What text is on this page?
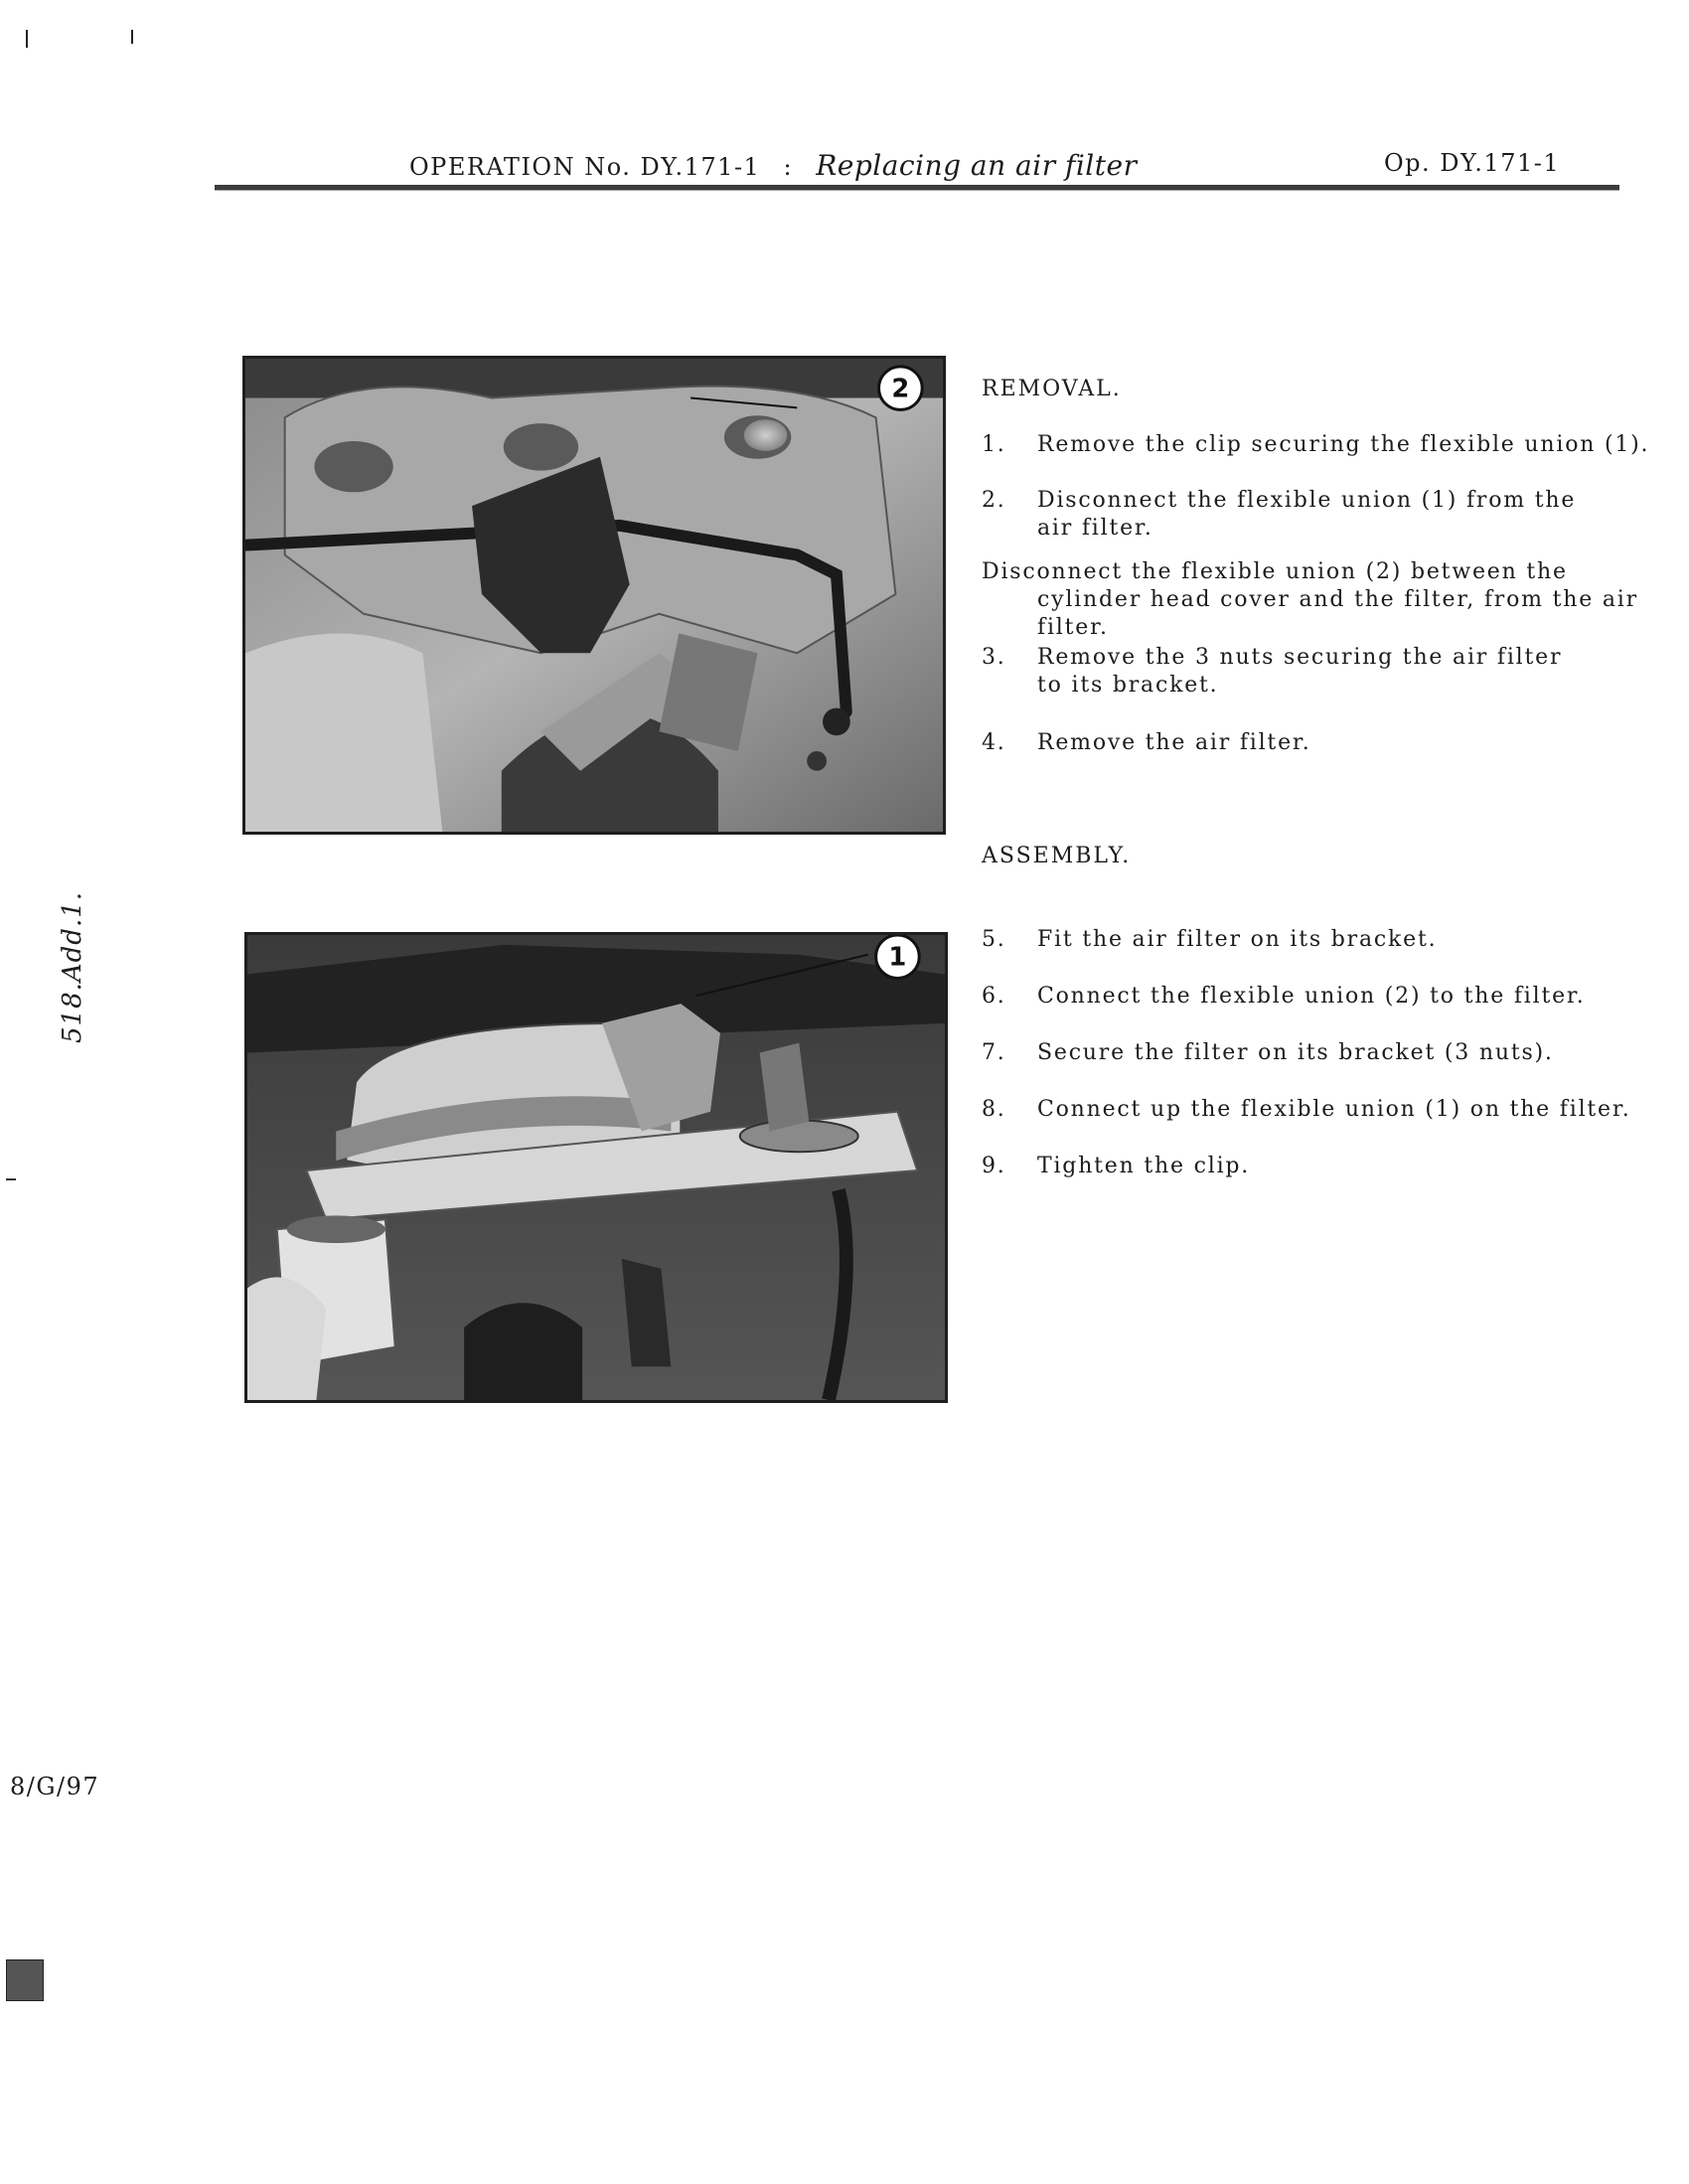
OPERATION No. DY.171-1 : Replacing an air filter	Op. DY.171-1
2
1
REMOVAL.
1.	Remove the clip securing the flexible union (1).
2.	Disconnect the flexible union (1) from the air filter.
Disconnect the flexible union (2) between the cylinder head cover and the filter, from the air filter.
3.	Remove the 3 nuts securing the air filter to its bracket.
4.	Remove the air filter.
ASSEMBLY.
5.	Fit the air filter on its bracket.
6.	Connect the flexible union (2) to the filter.
7.	Secure the filter on its bracket (3 nuts).
8.	Connect up the flexible union (1) on the filter.
9.	Tighten the clip.
518.Add.1.
8/G/97
